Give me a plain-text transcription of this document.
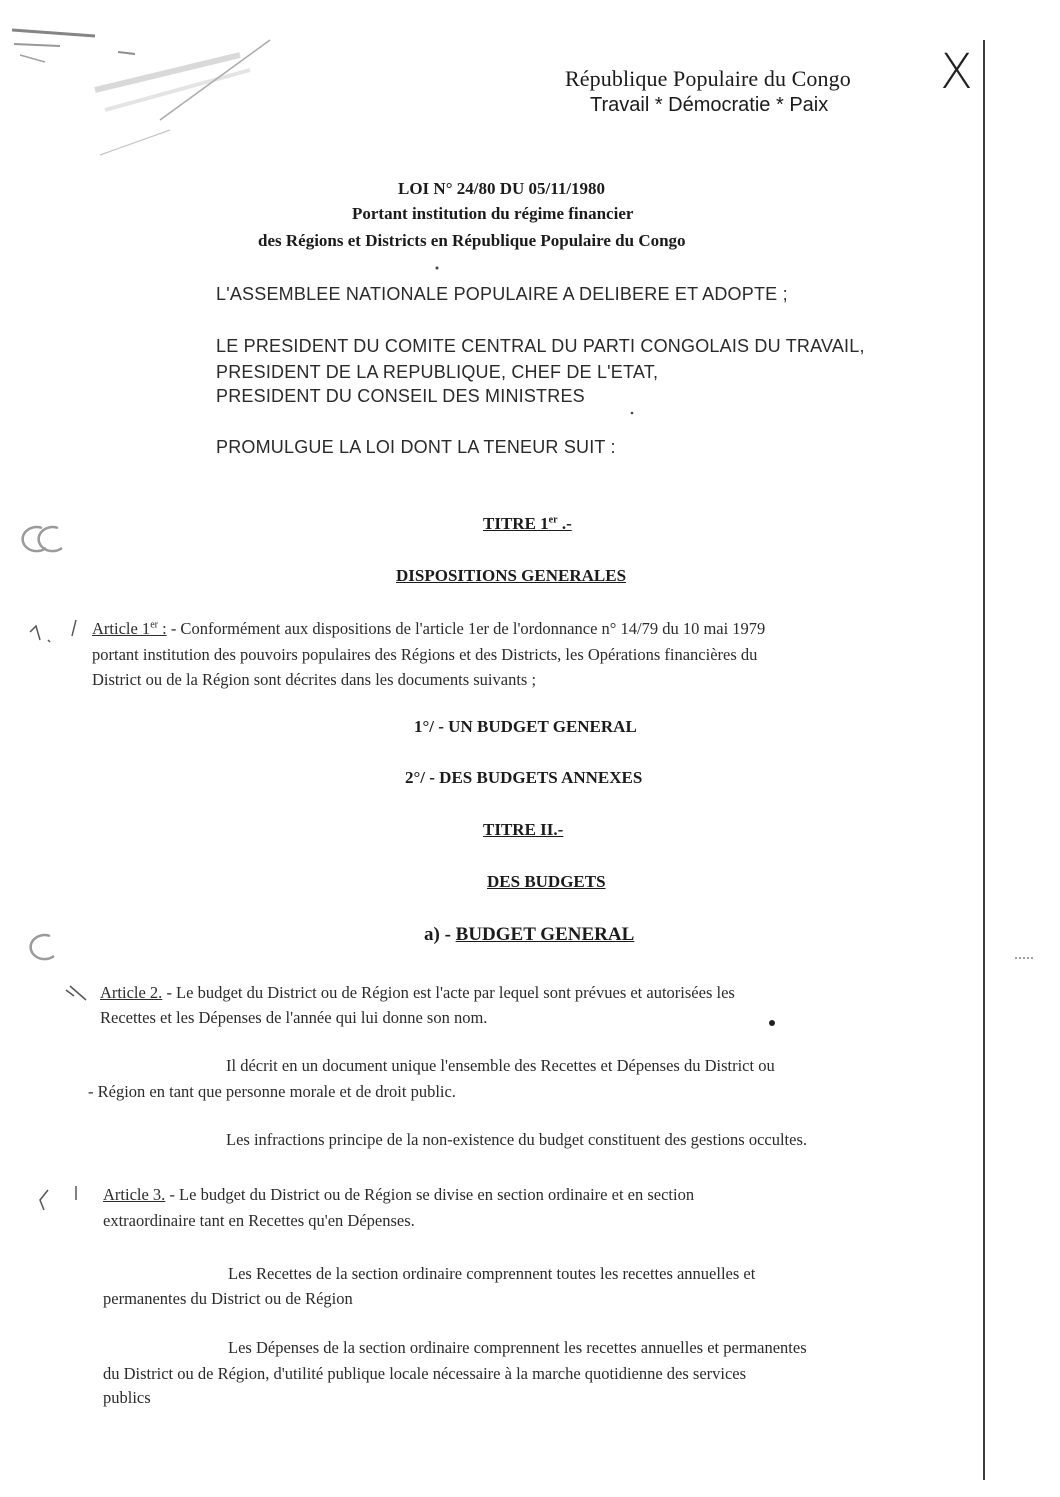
X
République Populaire du Congo
Travail * Démocratie * Paix
LOI N° 24/80 DU 05/11/1980
Portant institution du régime financier
des Régions et Districts en République Populaire du Congo
L'ASSEMBLEE NATIONALE POPULAIRE A DELIBERE ET ADOPTE ;
LE PRESIDENT DU COMITE CENTRAL DU PARTI CONGOLAIS DU TRAVAIL,
PRESIDENT DE LA REPUBLIQUE, CHEF DE L'ETAT,
PRESIDENT DU CONSEIL DES MINISTRES
PROMULGUE LA LOI DONT LA TENEUR SUIT :
TITRE 1er .-
DISPOSITIONS GENERALES
Article 1er : - Conformément aux dispositions de l'article 1er de l'ordonnance n° 14/79 du 10 mai 1979
portant institution des pouvoirs populaires des Régions et des Districts, les Opérations financières du
District ou de la Région sont décrites dans les documents suivants ;
1°/ - UN BUDGET GENERAL
2°/ - DES BUDGETS ANNEXES
TITRE II.-
DES BUDGETS
a) - BUDGET GENERAL
Article 2. - Le budget du District ou de Région est l'acte par lequel sont prévues et autorisées les
Recettes et les Dépenses de l'année qui lui donne son nom.
Il décrit en un document unique l'ensemble des Recettes et Dépenses du District ou
- Région en tant que personne morale et de droit public.
Les infractions principe de la non-existence du budget constituent des gestions occultes.
Article 3. - Le budget du District ou de Région se divise en section ordinaire et en section
extraordinaire tant en Recettes qu'en Dépenses.
Les Recettes de la section ordinaire comprennent toutes les recettes annuelles et
permanentes du District ou de Région
Les Dépenses de la section ordinaire comprennent les recettes annuelles et permanentes
du District ou de Région, d'utilité publique locale nécessaire à la marche quotidienne des services
publics
